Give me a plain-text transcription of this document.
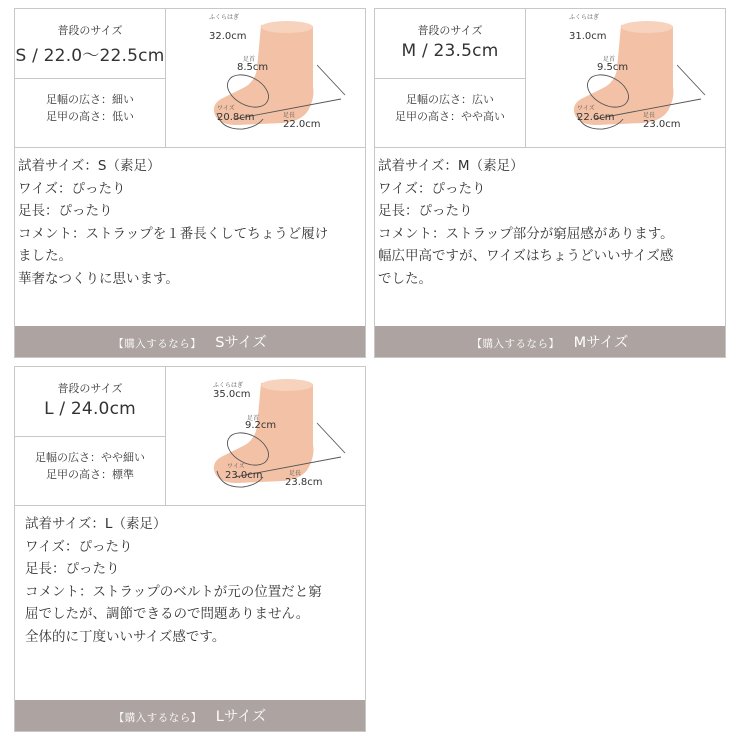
普段のサイズ
S / 22.0〜22.5cm
足幅の広さ：細い
足甲の高さ：低い
ふくらはぎ
32.0cm
足首
8.5cm
ワイズ
20.8cm	足長
22.0cm

試着サイズ：S（素足）

ワイズ：ぴったり

足長：ぴったり

コメント：ストラップを１番長くしてちょうど履け

ました。

華奢なつくりに思います。

【購入するなら】 Sサイズ
普段のサイズ
M / 23.5cm
足幅の広さ：広い
足甲の高さ：やや高い
ふくらはぎ
31.0cm
足首
9.5cm
ワイズ
22.6cm	足長
23.0cm

試着サイズ：M（素足）

ワイズ：ぴったり

足長：ぴったり

コメント：ストラップ部分が窮屈感があります。

幅広甲高ですが、ワイズはちょうどいいサイズ感

でした。

【購入するなら】 Mサイズ
普段のサイズ
L / 24.0cm
足幅の広さ：やや細い
足甲の高さ：標準
ふくらはぎ
35.0cm
足首
9.2cm
ワイズ
23.0cm	足長
23.8cm

試着サイズ：L（素足）

ワイズ：ぴったり

足長：ぴったり

コメント：ストラップのベルトが元の位置だと窮

屈でしたが、調節できるので問題ありません。

全体的に丁度いいサイズ感です。

【購入するなら】 Lサイズ
